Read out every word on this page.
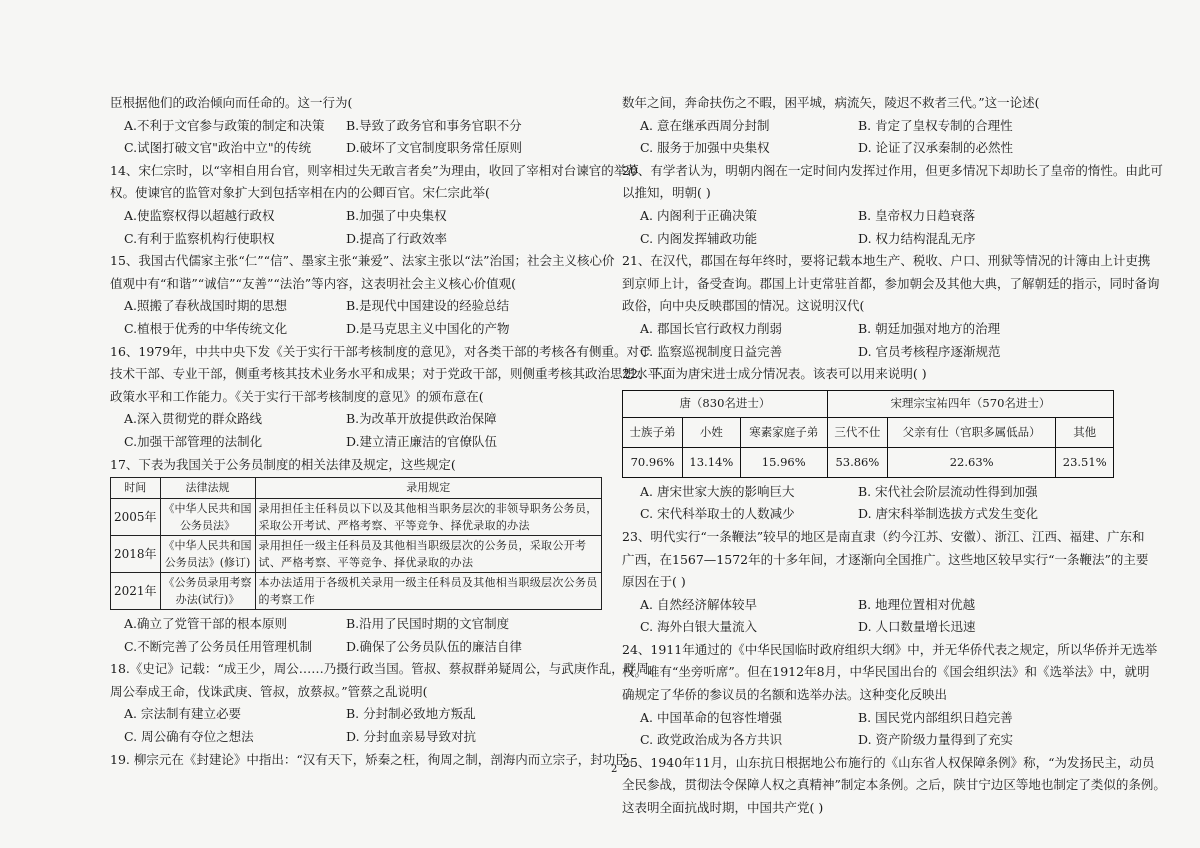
臣根据他们的政治倾向而任命的。这一行为(
A.不利于文官参与政策的制定和决策	B.导致了政务官和事务官职不分
C.试图打破文官"政治中立"的传统	D.破坏了文官制度职务常任原则
14、宋仁宗时，以“宰相自用台官，则宰相过失无敢言者矣”为理由，收回了宰相对台谏官的举荐
权。使谏官的监管对象扩大到包括宰相在内的公卿百官。宋仁宗此举(
A.使监察权得以超越行政权	B.加强了中央集权
C.有利于监察机构行使职权	D.提高了行政效率
15、我国古代儒家主张“仁”“信”、墨家主张“兼爱”、法家主张以“法”治国；社会主义核心价
值观中有“和谐”“诚信”“友善”“法治”等内容，这表明社会主义核心价值观(
A.照搬了春秋战国时期的思想	B.是现代中国建设的经验总结
C.植根于优秀的中华传统文化	D.是马克思主义中国化的产物
16、1979年，中共中央下发《关于实行干部考核制度的意见》，对各类干部的考核各有侧重。对于
技术干部、专业干部，侧重考核其技术业务水平和成果；对于党政干部，则侧重考核其政治思想水平、
政策水平和工作能力。《关于实行干部考核制度的意见》的颁布意在(
A.深入贯彻党的群众路线	B.为改革开放提供政治保障
C.加强干部管理的法制化	D.建立清正廉洁的官僚队伍
17、下表为我国关于公务员制度的相关法律及规定，这些规定(
时间	法律法规	录用规定
2005年	《中华人民共和国公务员法》	录用担任主任科员以下以及其他相当职务层次的非领导职务公务员，采取公开考试、严格考察、平等竞争、择优录取的办法
2018年	《中华人民共和国公务员法》(修订)	录用担任一级主任科员及其他相当职级层次的公务员，采取公开考试、严格考察、平等竞争、择优录取的办法
2021年	《公务员录用考察办法(试行)》	本办法适用于各级机关录用一级主任科员及其他相当职级层次公务员的考察工作
A.确立了党管干部的根本原则	B.沿用了民国时期的文官制度
C.不断完善了公务员任用管理机制	D.确保了公务员队伍的廉洁自律
18.《史记》记载：“成王少，周公……乃摄行政当国。管叔、蔡叔群弟疑周公，与武庚作乱，畔周。
周公奉成王命，伐诛武庚、管叔，放蔡叔。”管蔡之乱说明(
A. 宗法制有建立必要	B. 分封制必致地方叛乱
C. 周公确有夺位之想法	D. 分封血亲易导致对抗
19. 柳宗元在《封建论》中指出：“汉有天下，矫秦之枉，徇周之制，剖海内而立宗子，封功臣。
数年之间，奔命扶伤之不暇，困平城，病流矢，陵迟不救者三代。”这一论述(
A. 意在继承西周分封制	B. 肯定了皇权专制的合理性
C. 服务于加强中央集权	D. 论证了汉承秦制的必然性
20、有学者认为，明朝内阁在一定时间内发挥过作用，但更多情况下却助长了皇帝的惰性。由此可
以推知，明朝( )
A. 内阁利于正确决策	B. 皇帝权力日趋衰落
C. 内阁发挥辅政功能	D. 权力结构混乱无序
21、在汉代，郡国在每年终时，要将记载本地生产、税收、户口、刑狱等情况的计簿由上计吏携
到京师上计，备受查询。郡国上计吏常驻首都，参加朝会及其他大典，了解朝廷的指示，同时备询
政俗，向中央反映郡国的情况。这说明汉代(
A. 郡国长官行政权力削弱	B. 朝廷加强对地方的治理
C. 监察巡视制度日益完善	D. 官员考核程序逐渐规范
22、下面为唐宋进士成分情况表。该表可以用来说明( )
唐（830名进士）			宋理宗宝祐四年（570名进士）		
士族子弟	小姓	寒素家庭子弟	三代不仕	父亲有仕（官职多属低品）	其他
70.96%	13.14%	15.96%	53.86%	22.63%	23.51%
A. 唐宋世家大族的影响巨大	B. 宋代社会阶层流动性得到加强
C. 宋代科举取士的人数减少	D. 唐宋科举制选拔方式发生变化
23、明代实行“一条鞭法”较早的地区是南直隶（约今江苏、安徽）、浙江、江西、福建、广东和
广西，在1567—1572年的十多年间，才逐渐向全国推广。这些地区较早实行“一条鞭法”的主要
原因在于( )
A. 自然经济解体较早	B. 地理位置相对优越
C. 海外白银大量流入	D. 人口数量增长迅速
24、1911年通过的《中华民国临时政府组织大纲》中，并无华侨代表之规定，所以华侨并无选举
权。唯有“坐旁听席”。但在1912年8月，中华民国出台的《国会组织法》和《选举法》中，就明
确规定了华侨的参议员的名额和选举办法。这种变化反映出
A. 中国革命的包容性增强	B. 国民党内部组织日趋完善
C. 政党政治成为各方共识	D. 资产阶级力量得到了充实
25、1940年11月，山东抗日根据地公布施行的《山东省人权保障条例》称，“为发扬民主，动员
全民参战，贯彻法令保障人权之真精神”制定本条例。之后，陕甘宁边区等地也制定了类似的条例。
这表明全面抗战时期，中国共产党( )
2
